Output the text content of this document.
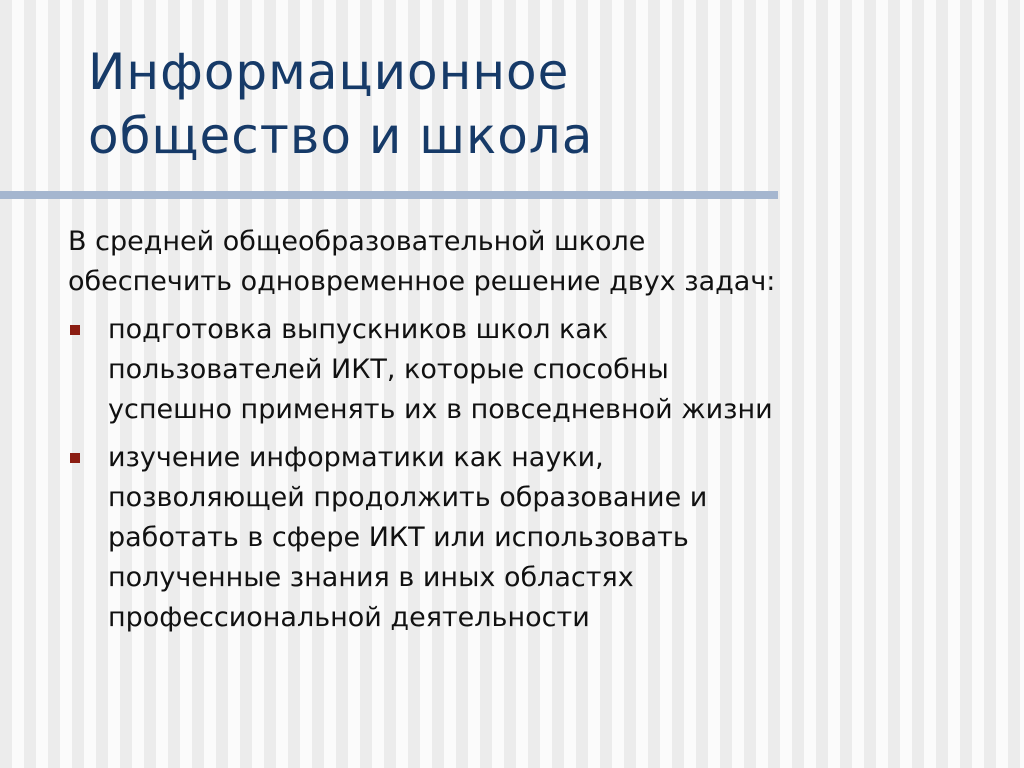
Информационное
общество и школа

В средней общеобразовательной школе
обеспечить одновременное решение двух задач:

подготовка выпускников школ как
пользователей ИКТ, которые способны
успешно применять их в повседневной жизни
изучение информатики как науки,
позволяющей продолжить образование и
работать в сфере ИКТ или использовать
полученные знания в иных областях
профессиональной деятельности
